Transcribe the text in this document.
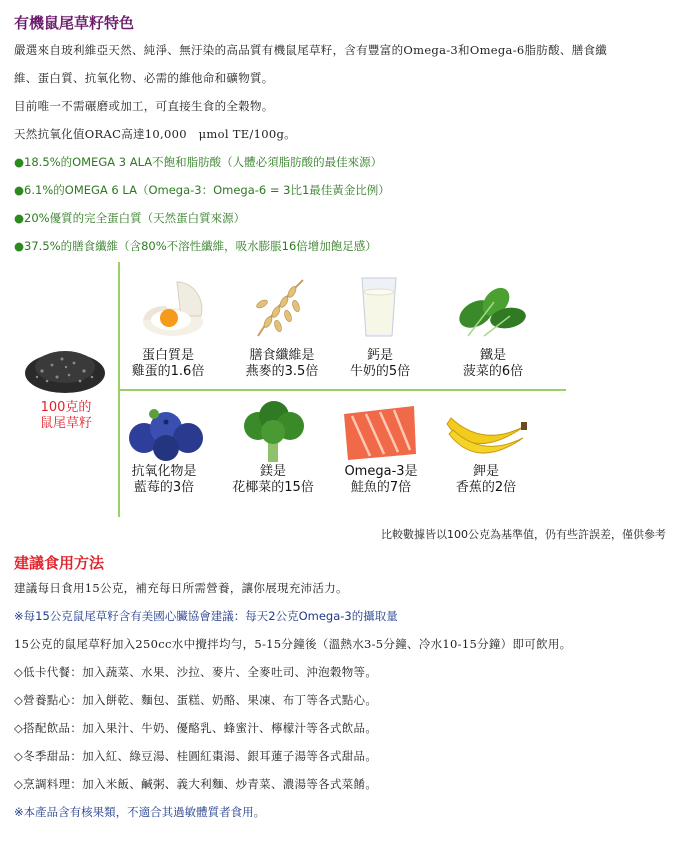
有機鼠尾草籽特色
嚴選來自玻利維亞天然、純淨、無汙染的高品質有機鼠尾草籽，含有豐富的Omega-3和Omega-6脂肪酸、膳食纖
維、蛋白質、抗氧化物、必需的維他命和礦物質。
目前唯一不需碾磨或加工，可直接生食的全穀物。
天然抗氧化值ORAC高達10,000　μmol TE/100g。
●18.5%的OMEGA 3 ALA不飽和脂肪酸（人體必須脂肪酸的最佳來源）
●6.1%的OMEGA 6 LA（Omega-3：Omega-6 = 3比1最佳黃金比例）
●20%優質的完全蛋白質（天然蛋白質來源）
●37.5%的膳食纖維（含80%不溶性纖維，吸水膨脹16倍增加飽足感）
100克的
鼠尾草籽
蛋白質是
雞蛋的1.6倍
膳食纖維是
燕麥的3.5倍
鈣是
牛奶的5倍
鐵是
菠菜的6倍
抗氧化物是
藍莓的3倍
鎂是
花椰菜的15倍
Omega-3是
鮭魚的7倍
鉀是
香蕉的2倍
比較數據皆以100公克為基準值，仍有些許誤差，僅供參考
建議食用方法
建議每日食用15公克，補充每日所需營養，讓你展現充沛活力。
※每15公克鼠尾草籽含有美國心臟協會建議：每天2公克Omega-3的攝取量
15公克的鼠尾草籽加入250cc水中攪拌均勻，5-15分鐘後（溫熱水3-5分鐘、冷水10-15分鐘）即可飲用。
◇低卡代餐：加入蔬菜、水果、沙拉、麥片、全麥吐司、沖泡穀物等。
◇營養點心：加入餅乾、麵包、蛋糕、奶酪、果凍、布丁等各式點心。
◇搭配飲品：加入果汁、牛奶、優酪乳、蜂蜜汁、檸檬汁等各式飲品。
◇冬季甜品：加入紅、綠豆湯、桂圓紅棗湯、銀耳蓮子湯等各式甜品。
◇烹調料理：加入米飯、鹹粥、義大利麵、炒青菜、濃湯等各式菜餚。
※本產品含有核果類，不適合其過敏體質者食用。
